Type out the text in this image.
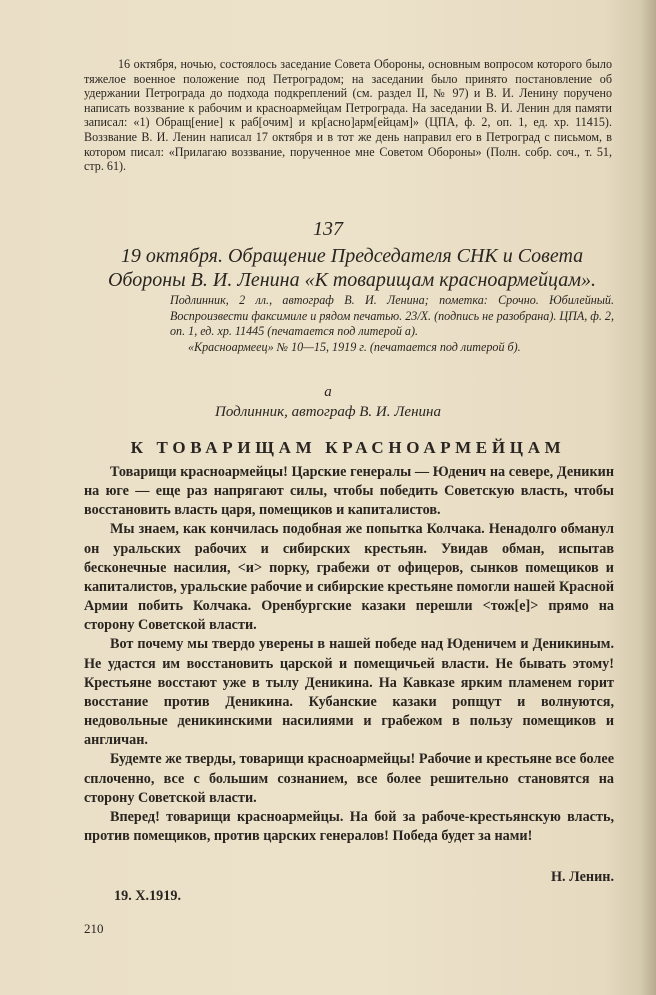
16 октября, ночью, состоялось заседание Совета Обороны, основным вопросом которого было тяжелое военное положение под Петроградом; на заседании было принято постановление об удержании Петрограда до подхода подкреплений (см. раздел II, № 97) и В. И. Ленину поручено написать воззвание к рабочим и красноармейцам Петрограда. На заседании В. И. Ленин для памяти записал: «1) Обращ[ение] к раб[очим] и кр[асно]арм[ейцам]» (ЦПА, ф. 2, оп. 1, ед. хр. 11415). Воззвание В. И. Ленин написал 17 октября и в тот же день направил его в Петроград с письмом, в котором писал: «Прилагаю воззвание, порученное мне Советом Обороны» (Полн. собр. соч., т. 51, стр. 61).

137

19 октября. Обращение Председателя СНК и Совета Обороны В. И. Ленина «К товарищам красноармейцам».

Подлинник, 2 лл., автограф В. И. Ленина; пометка: Срочно. Юбилейный. Воспроизвести факсимиле и рядом печатью. 23/X. (подпись не разобрана). ЦПА, ф. 2, оп. 1, ед. хр. 11445 (печатается под литерой а).

«Красноармеец» № 10—15, 1919 г. (печатается под литерой б).

а

Подлинник, автограф В. И. Ленина

К ТОВАРИЩАМ КРАСНОАРМЕЙЦАМ

Товарищи красноармейцы! Царские генералы — Юденич на севере, Деникин на юге — еще раз напрягают силы, чтобы победить Советскую власть, чтобы восстановить власть царя, помещиков и капиталистов.

Мы знаем, как кончилась подобная же попытка Колчака. Ненадолго обманул он уральских рабочих и сибирских крестьян. Увидав обман, испытав бесконечные насилия, <и> порку, грабежи от офицеров, сынков помещиков и капиталистов, уральские рабочие и сибирские крестьяне помогли нашей Красной Армии побить Колчака. Оренбургские казаки перешли <тож[е]> прямо на сторону Советской власти.

Вот почему мы твердо уверены в нашей победе над Юденичем и Деникиным. Не удастся им восстановить царской и помещичьей власти. Не бывать этому! Крестьяне восстают уже в тылу Деникина. На Кавказе ярким пламенем горит восстание против Деникина. Кубанские казаки ропщут и волнуются, недовольные деникинскими насилиями и грабежом в пользу помещиков и англичан.

Будемте же тверды, товарищи красноармейцы! Рабочие и крестьяне все более сплоченно, все с большим сознанием, все более решительно становятся на сторону Советской власти.

Вперед! товарищи красноармейцы. На бой за рабоче-крестьянскую власть, против помещиков, против царских генералов! Победа будет за нами!

Н. Ленин.

19. X.1919.

210
